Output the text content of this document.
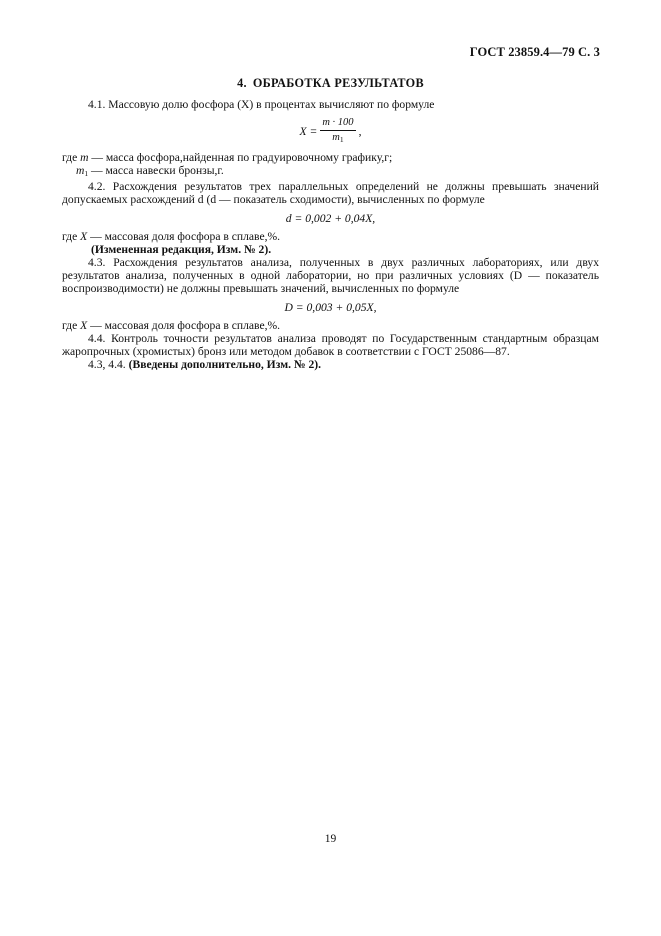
ГОСТ 23859.4—79 С. 3
4. ОБРАБОТКА РЕЗУЛЬТАТОВ

4.1. Массовую долю фосфора (X) в процентах вычисляют по формуле

$X = \frac{m \cdot 100}{m_1}$ ,

где m — масса фосфора,найденная по градуировочному графику,г;

$m_1$ — масса навески бронзы,г.

4.2. Расхождения результатов трех параллельных определений не должны превышать значений допускаемых расхождений d (d — показатель сходимости), вычисленных по формуле

d = 0,002 + 0,04X,

где X — массовая доля фосфора в сплаве,%.

(Измененная редакция, Изм. № 2).

4.3. Расхождения результатов анализа, полученных в двух различных лабораториях, или двух результатов анализа, полученных в одной лаборатории, но при различных условиях (D — показатель воспроизводимости) не должны превышать значений, вычисленных по формуле

D = 0,003 + 0,05X,

где X — массовая доля фосфора в сплаве,%.

4.4. Контроль точности результатов анализа проводят по Государственным стандартным образцам жаропрочных (хромистых) бронз или методом добавок в соответствии с ГОСТ 25086—87.

4.3, 4.4. (Введены дополнительно, Изм. № 2).

19
